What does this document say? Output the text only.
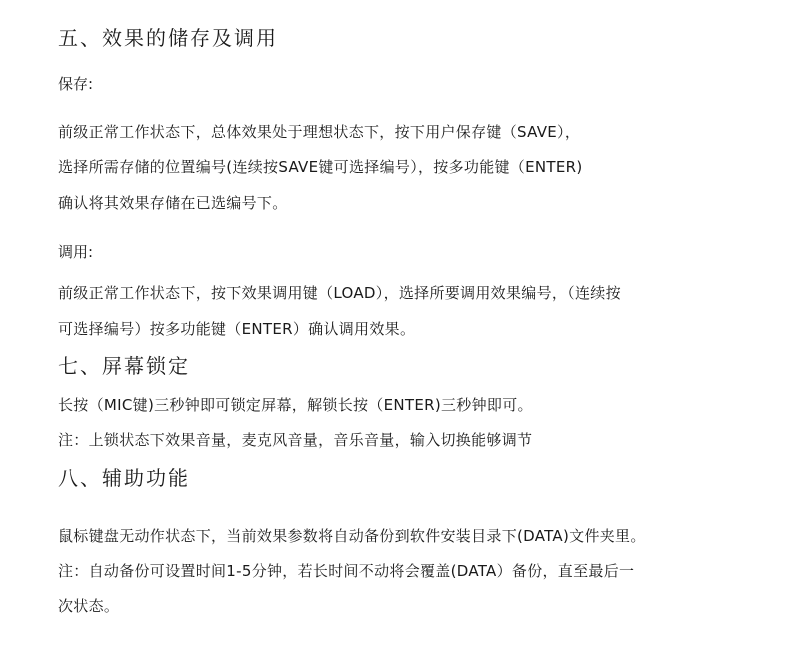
五、效果的储存及调用
保存:
前级正常工作状态下，总体效果处于理想状态下，按下用户保存键（SAVE），
选择所需存储的位置编号(连续按SAVE键可选择编号），按多功能键（ENTER)
确认将其效果存储在已选编号下。
调用:
前级正常工作状态下，按下效果调用键（LOAD），选择所要调用效果编号，（连续按
可选择编号）按多功能键（ENTER）确认调用效果。
七、屏幕锁定
长按（MIC键)三秒钟即可锁定屏幕，解锁长按（ENTER)三秒钟即可。
注：上锁状态下效果音量，麦克风音量，音乐音量，输入切换能够调节
八、辅助功能
鼠标键盘无动作状态下，当前效果参数将自动备份到软件安装目录下(DATA)文件夹里。
注：自动备份可设置时间1-5分钟，若长时间不动将会覆盖(DATA）备份，直至最后一
次状态。
